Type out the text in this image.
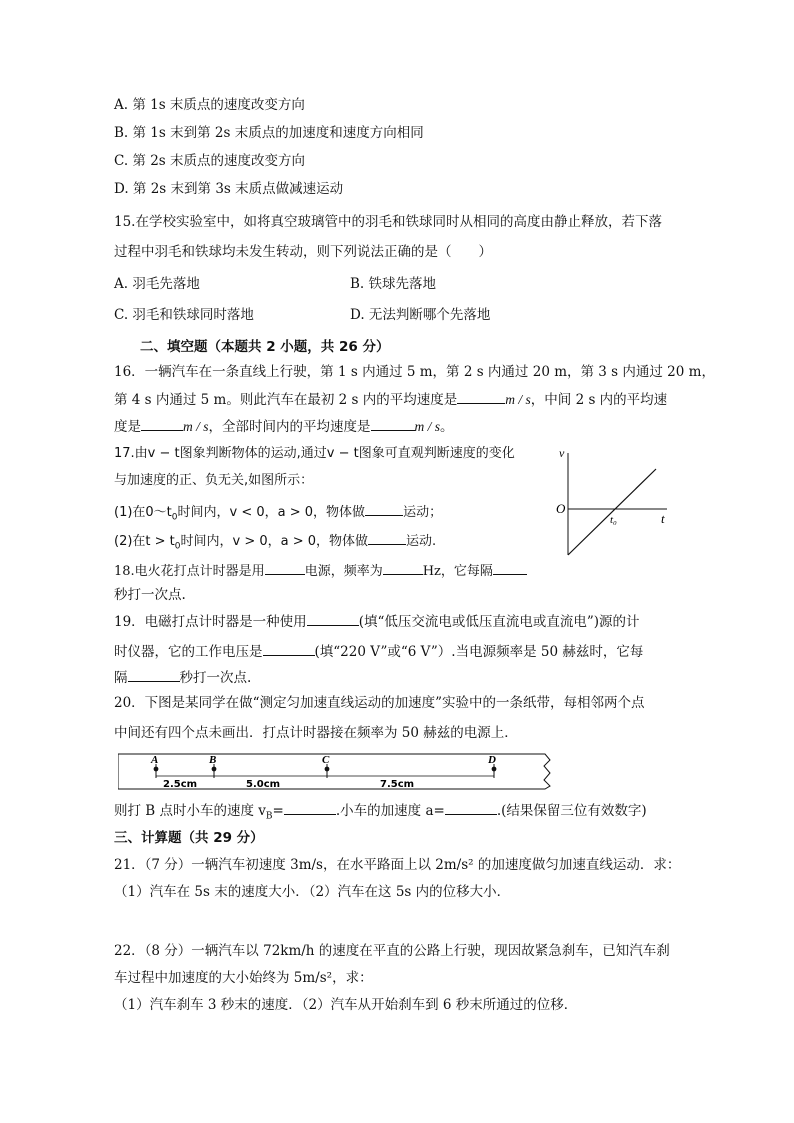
A. 第 1s 末质点的速度改变方向
B. 第 1s 末到第 2s 末质点的加速度和速度方向相同
C. 第 2s 末质点的速度改变方向
D. 第 2s 末到第 3s 末质点做减速运动
15.在学校实验室中，如将真空玻璃管中的羽毛和铁球同时从相同的高度由静止释放，若下落
过程中羽毛和铁球均未发生转动，则下列说法正确的是（　　）
A. 羽毛先落地	B. 铁球先落地
C. 羽毛和铁球同时落地	D. 无法判断哪个先落地
二、填空题（本题共 2 小题，共 26 分）
16．一辆汽车在一条直线上行驶，第 1 s 内通过 5 m，第 2 s 内通过 20 m，第 3 s 内通过 20 m，
第 4 s 内通过 5 m。则此汽车在最初 2 s 内的平均速度是	m / s，中间 2 s 内的平均速
度是	m / s，全部时间内的平均速度是	m / s。
17.由v − t图象判断物体的运动,通过v − t图象可直观判断速度的变化
与加速度的正、负无关,如图所示：
(1)在$0\sim t_0$时间内，v < 0，a > 0，物体做	运动；
(2)在$t > t_0$时间内，v > 0，a > 0，物体做	运动.
v
O
t₀	t
18.电火花打点计时器是用	电源，频率为	Hz，它每隔
秒打一次点.
19．电磁打点计时器是一种使用	(填“低压交流电或低压直流电或直流电”)源的计
时仪器，它的工作电压是	(填“220 V”或“6 V”）.当电源频率是 50 赫兹时，它每
隔	秒打一次点.
20．下图是某同学在做“测定匀加速直线运动的加速度”实验中的一条纸带，每相邻两个点
中间还有四个点未画出．打点计时器接在频率为 50 赫兹的电源上．
A	B	C	D
2.5cm	5.0cm	7.5cm
则打 B 点时小车的速度 $v_B=$	.小车的加速度 a=	.(结果保留三位有效数字)
三、计算题（共 29 分）
21．（7 分）一辆汽车初速度 3m/s，在水平路面上以 2m/s² 的加速度做匀加速直线运动．求：
（1）汽车在 5s 末的速度大小．（2）汽车在这 5s 内的位移大小．
22．（8 分）一辆汽车以 72km/h 的速度在平直的公路上行驶，现因故紧急刹车，已知汽车刹
车过程中加速度的大小始终为 5m/s²，求：
（1）汽车刹车 3 秒末的速度．（2）汽车从开始刹车到 6 秒末所通过的位移．
